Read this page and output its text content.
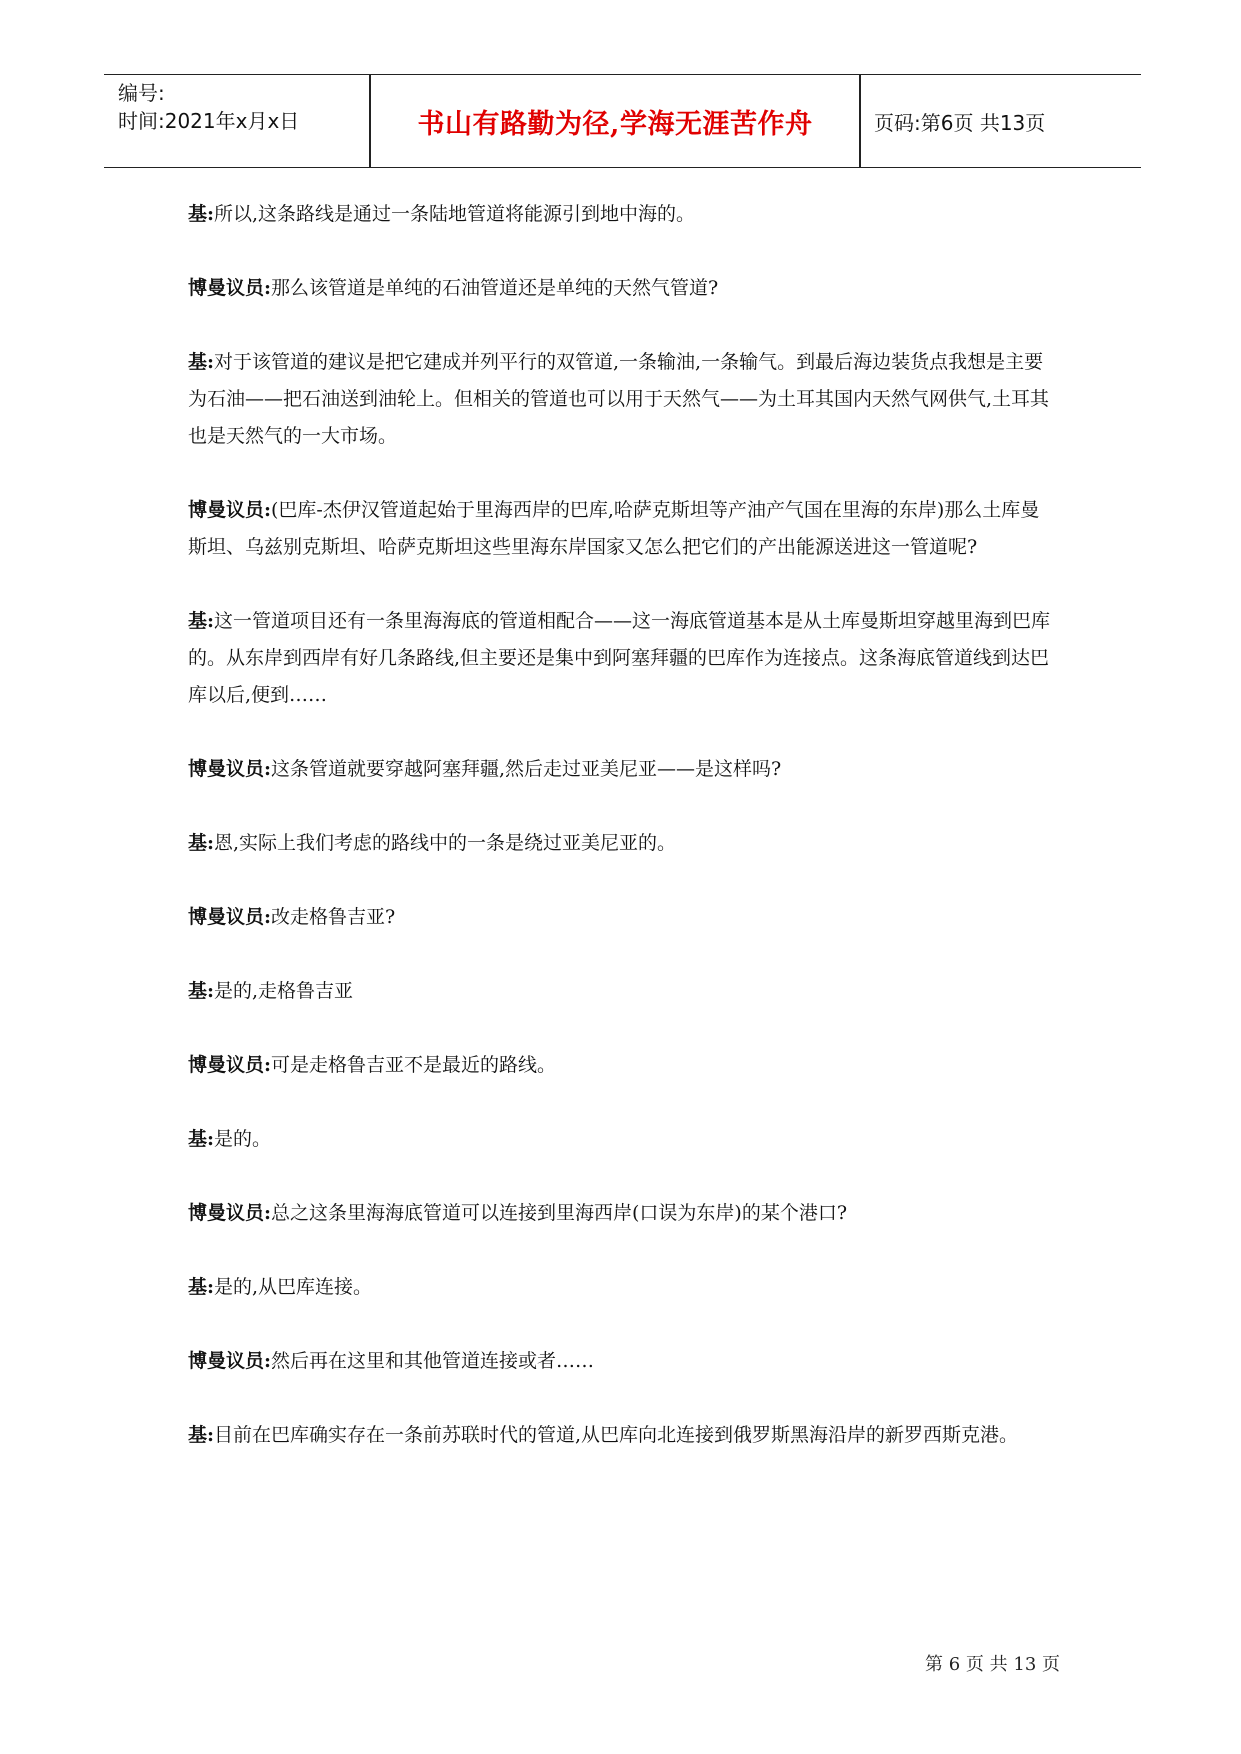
编号:
时间:2021年x月x日	书山有路勤为径,学海无涯苦作舟	页码:第6页 共13页

基:所以,这条路线是通过一条陆地管道将能源引到地中海的。

博曼议员:那么该管道是单纯的石油管道还是单纯的天然气管道?

基:对于该管道的建议是把它建成并列平行的双管道,一条输油,一条输气。到最后海边装货点我想是主要为石油——把石油送到油轮上。但相关的管道也可以用于天然气——为土耳其国内天然气网供气,土耳其也是天然气的一大市场。

博曼议员:(巴库-杰伊汉管道起始于里海西岸的巴库,哈萨克斯坦等产油产气国在里海的东岸)那么土库曼斯坦、乌兹别克斯坦、哈萨克斯坦这些里海东岸国家又怎么把它们的产出能源送进这一管道呢?

基:这一管道项目还有一条里海海底的管道相配合——这一海底管道基本是从土库曼斯坦穿越里海到巴库的。从东岸到西岸有好几条路线,但主要还是集中到阿塞拜疆的巴库作为连接点。这条海底管道线到达巴库以后,便到……

博曼议员:这条管道就要穿越阿塞拜疆,然后走过亚美尼亚——是这样吗?

基:恩,实际上我们考虑的路线中的一条是绕过亚美尼亚的。

博曼议员:改走格鲁吉亚?

基:是的,走格鲁吉亚

博曼议员:可是走格鲁吉亚不是最近的路线。

基:是的。

博曼议员:总之这条里海海底管道可以连接到里海西岸(口误为东岸)的某个港口?

基:是的,从巴库连接。

博曼议员:然后再在这里和其他管道连接或者……

基:目前在巴库确实存在一条前苏联时代的管道,从巴库向北连接到俄罗斯黑海沿岸的新罗西斯克港。

第 6 页 共 13 页
